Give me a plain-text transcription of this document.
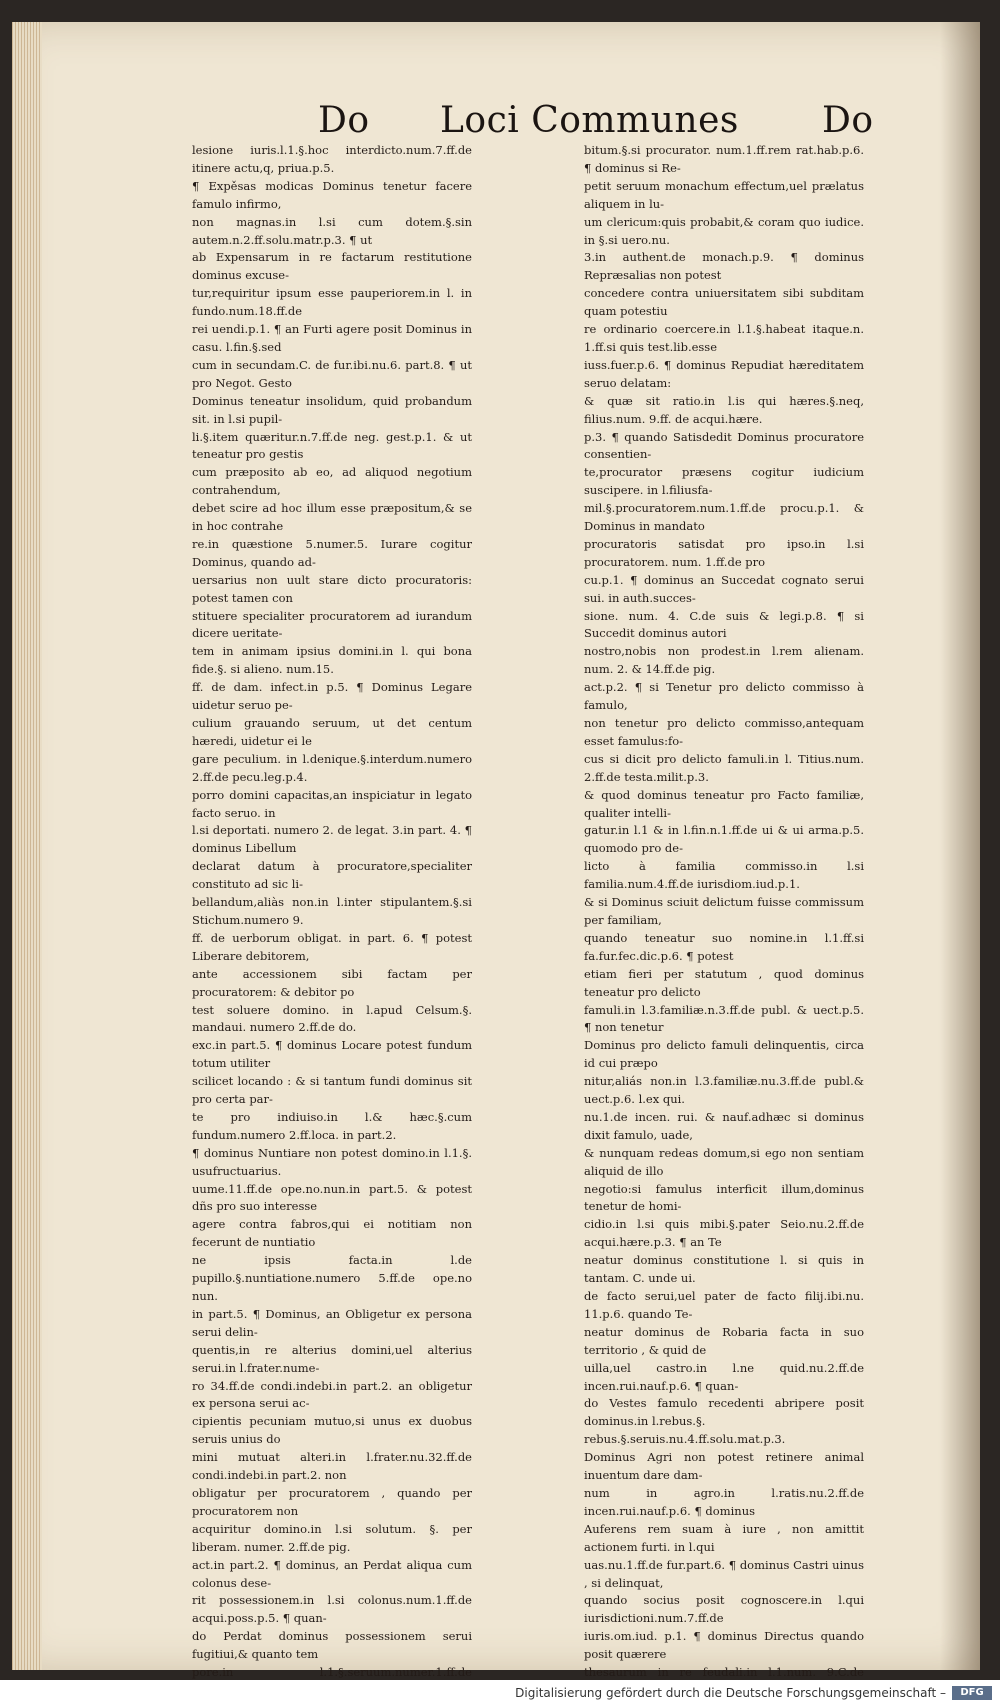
Do Loci Communes Do
lesione iuris.l.1.§.hoc interdicto.num.7.ff.de itinere actu,q, priua.p.5.
¶ Expěsas modicas Dominus tenetur facere famulo infirmo,
non magnas.in l.si cum dotem.§.sin autem.n.2.ff.solu.matr.p.3. ¶ ut
ab Expensarum in re factarum restitutione dominus excuse-
tur,requiritur ipsum esse pauperiorem.in l. in fundo.num.18.ff.de
rei uendi.p.1. ¶ an Furti agere posit Dominus in casu. l.fin.§.sed
cum in secundam.C. de fur.ibi.nu.6. part.8. ¶ ut pro Negot. Gesto
Dominus teneatur insolidum, quid probandum sit. in l.si pupil-
li.§.item quæritur.n.7.ff.de neg. gest.p.1. & ut teneatur pro gestis
cum præposito ab eo, ad aliquod negotium contrahendum,
debet scire ad hoc illum esse præpositum,& se in hoc contrahe
re.in quæstione 5.numer.5. Iurare cogitur Dominus, quando ad-
uersarius non uult stare dicto procuratoris: potest tamen con
stituere specialiter procuratorem ad iurandum dicere ueritate-
tem in animam ipsius domini.in l. qui bona fide.§. si alieno. num.15.
ff. de dam. infect.in p.5. ¶ Dominus Legare uidetur seruo pe-
culium grauando seruum, ut det centum hæredi, uidetur ei le
gare peculium. in l.denique.§.interdum.numero 2.ff.de pecu.leg.p.4.
porro domini capacitas,an inspiciatur in legato facto seruo. in
l.si deportati. numero 2. de legat. 3.in part. 4. ¶ dominus Libellum
declarat datum à procuratore,specialiter constituto ad sic li-
bellandum,aliàs non.in l.inter stipulantem.§.si Stichum.numero 9.
ff. de uerborum obligat. in part. 6. ¶ potest Liberare debitorem,
ante accessionem sibi factam per procuratorem: & debitor po
test soluere domino. in l.apud Celsum.§. mandaui. numero 2.ff.de do.
exc.in part.5. ¶ dominus Locare potest fundum totum utiliter
scilicet locando : & si tantum fundi dominus sit pro certa par-
te pro indiuiso.in l.& hæc.§.cum fundum.numero 2.ff.loca. in part.2.
¶ dominus Nuntiare non potest domino.in l.1.§. usufructuarius.
uume.11.ff.de ope.no.nun.in part.5. & potest dñs pro suo interesse
agere contra fabros,qui ei notitiam non fecerunt de nuntiatio
ne ipsis facta.in l.de pupillo.§.nuntiatione.numero 5.ff.de ope.no nun.
in part.5. ¶ Dominus, an Obligetur ex persona serui delin-
quentis,in re alterius domini,uel alterius serui.in l.frater.nume-
ro 34.ff.de condi.indebi.in part.2. an obligetur ex persona serui ac-
cipientis pecuniam mutuo,si unus ex duobus seruis unius do
mini mutuat alteri.in l.frater.nu.32.ff.de condi.indebi.in part.2. non
obligatur per procuratorem , quando per procuratorem non
acquiritur domino.in l.si solutum. §. per liberam. numer. 2.ff.de pig.
act.in part.2. ¶ dominus, an Perdat aliqua cum colonus dese-
rit possessionem.in l.si colonus.num.1.ff.de acqui.poss.p.5. ¶ quan-
do Perdat dominus possessionem serui fugitiui,& quanto tem
pore.in l.1.§.seruum.numer.1.ff.de
bitum.§.si procurator. num.1.ff.rem rat.hab.p.6. ¶ dominus si Re-
petit seruum monachum effectum,uel prælatus aliquem in lu-
um clericum:quis probabit,& coram quo iudice. in §.si uero.nu.
3.in authent.de monach.p.9. ¶ dominus Repræsalias non potest
concedere contra uniuersitatem sibi subditam quam potestiu
re ordinario coercere.in l.1.§.habeat itaque.n. 1.ff.si quis test.lib.esse
iuss.fuer.p.6. ¶ dominus Repudiat hæreditatem seruo delatam:
& quæ sit ratio.in l.is qui hæres.§.neq, filius.num. 9.ff. de acqui.hære.
p.3. ¶ quando Satisdedit Dominus procuratore consentien-
te,procurator præsens cogitur iudicium suscipere. in l.filiusfa-
mil.§.procuratorem.num.1.ff.de procu.p.1. & Dominus in mandato
procuratoris satisdat pro ipso.in l.si procuratorem. num. 1.ff.de pro
cu.p.1. ¶ dominus an Succedat cognato serui sui. in auth.succes-
sione. num. 4. C.de suis & legi.p.8. ¶ si Succedit dominus autori
nostro,nobis non prodest.in l.rem alienam. num. 2. & 14.ff.de pig.
act.p.2. ¶ si Tenetur pro delicto commisso à famulo,
non tenetur pro delicto commisso,antequam esset famulus:fo-
cus si dicit pro delicto famuli.in l. Titius.num. 2.ff.de testa.milit.p.3.
& quod dominus teneatur pro Facto familiæ, qualiter intelli-
gatur.in l.1 & in l.fin.n.1.ff.de ui & ui arma.p.5. quomodo pro de-
licto à familia commisso.in l.si familia.num.4.ff.de iurisdiom.iud.p.1.
& si Dominus sciuit delictum fuisse commissum per familiam,
quando teneatur suo nomine.in l.1.ff.si fa.fur.fec.dic.p.6. ¶ potest
etiam fieri per statutum , quod dominus teneatur pro delicto
famuli.in l.3.familiæ.n.3.ff.de publ. & uect.p.5. ¶ non tenetur
Dominus pro delicto famuli delinquentis, circa id cui præpo
nitur,aliás non.in l.3.familiæ.nu.3.ff.de publ.& uect.p.6. l.ex qui.
nu.1.de incen. rui. & nauf.adhæc si dominus dixit famulo, uade,
& nunquam redeas domum,si ego non sentiam aliquid de illo
negotio:si famulus interficit illum,dominus tenetur de homi-
cidio.in l.si quis mibi.§.pater Seio.nu.2.ff.de acqui.hære.p.3. ¶ an Te
neatur dominus constitutione l. si quis in tantam. C. unde ui.
de facto serui,uel pater de facto filij.ibi.nu. 11.p.6. quando Te-
neatur dominus de Robaria facta in suo territorio , & quid de
uilla,uel castro.in l.ne quid.nu.2.ff.de incen.rui.nauf.p.6. ¶ quan-
do Vestes famulo recedenti abripere posit dominus.in l.rebus.§.
rebus.§.seruis.nu.4.ff.solu.mat.p.3.
Dominus Agri non potest retinere animal inuentum dare dam-
num in agro.in l.ratis.nu.2.ff.de incen.rui.nauf.p.6. ¶ dominus
Auferens rem suam à iure , non amittit actionem furti. in l.qui
uas.nu.1.ff.de fur.part.6. ¶ dominus Castri uinus , si delinquat,
quando socius posit cognoscere.in l.qui iurisdictioni.num.7.ff.de
iuris.om.iud. p.1. ¶ dominus Directus quando posit quærere
thesaurum in re feudali.in l.1.num. 9.C.de
Digitalisierung gefördert durch die Deutsche Forschungsgemeinschaft –	DFG
